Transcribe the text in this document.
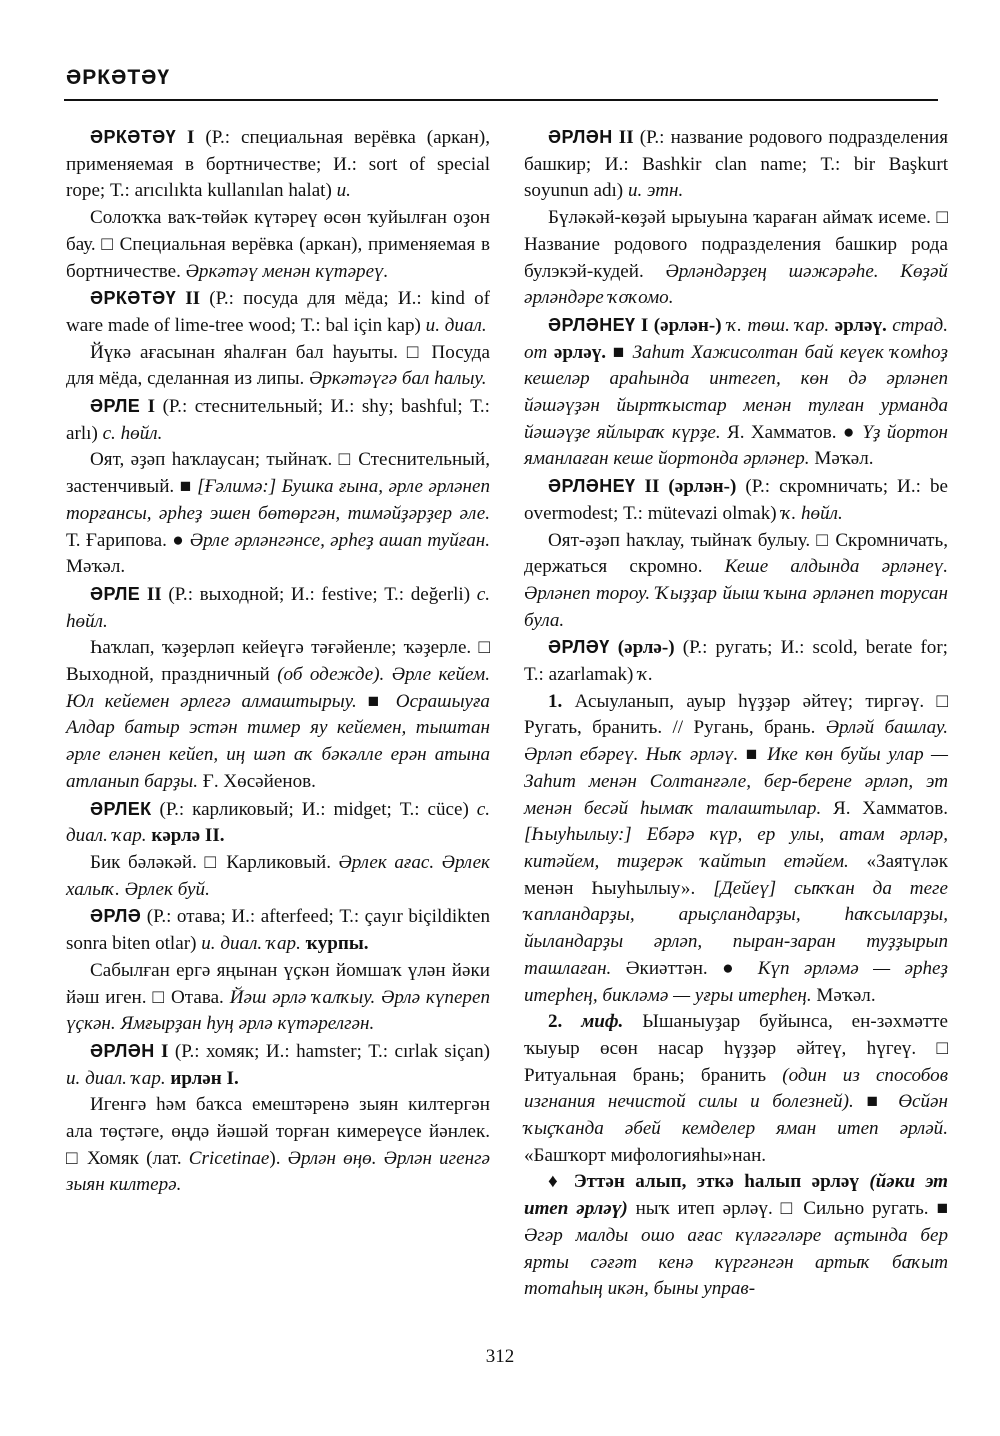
ƏРКƏТƏҮ

ƏРКƏТƏҮ I (Р.: специальная верёвка (аркан), применяемая в бортничестве; И.: sort of special rope; Т.: arıcılıkta kullanılan halat) u.

Солоҡҡа ваҡ-төйәк күтәреү өсөн ҡуйылған оҙон бау. □ Специальная верёвка (аркан), применяемая в бортничестве. Əркәтәү менән күтәреү.

ƏРКƏТƏҮ II (Р.: посуда для мёда; И.: kind of ware made of lime-tree wood; Т.: bal için kap) u. диал.

Йүкә ағасынан яһалған бал һауыты. □ Посуда для мёда, сделанная из липы. Əркәтәүгә бал һалыу.

ƏРЛЕ I (Р.: стеснительный; И.: shy; bashful; Т.: arlı) с. һөйл.

Оят, әҙәп һаҡлаусан; тыйнаҡ. □ Стеснительный, застенчивый. ■ [Ғәлимә:] Бушка ғына, әрле әрләнеп торғансы, әрһеҙ эшен бөтөргән, тимәйҙәрҙер әле. Т. Ғарипова. ● Əрле әрләнгәнсе, әрһеҙ ашап туйған. Мәҡәл.

ƏРЛЕ II (Р.: выходной; И.: festive; Т.: değerli) с. һөйл.

Һаҡлап, ҡәҙерләп кейеүгә тәғәйенле; ҡәҙерле. □ Выходной, праздничный (об одежде). Əрле кейем. Юл кейемен әрлегә алмаштырыу. ■ Осрашыуға Алдар батыр эстән тимер яу кейемен, тыштан әрле еләнен кейеп, иң шәп аҡ бәкәлле ерән атына атланып барҙы. Ғ. Хөсәйенов.

ƏРЛЕК (Р.: карликовый; И.: midget; Т.: cüce) с. диал. ҡар. кәрлә II.

Бик бәләкәй. □ Карликовый. Əрлек ағас. Əрлек халыҡ. Əрлек буй.

ƏРЛƏ (Р.: отава; И.: afterfeed; Т.: çayır biçildikten sonra biten otlar) u. диал. ҡар. ҡурпы.

Сабылған ергә яңынан үҫкән йомшаҡ үлән йәки йәш иген. □ Отава. Йәш әрлә ҡалҡыу. Əрлә күпереп үҫкән. Ямғырҙан һуң әрлә күтәрелгән.

ƏРЛƏН I (Р.: хомяк; И.: hamster; Т.: cırlak siçan) u. диал. ҡар. ирлән I.

Игенгә һәм баҡса емештәренә зыян килтергән ала төҫтәге, өңдә йәшәй торған кимереүсе йәнлек. □ Хомяк (лат. Cricetinae). Əрлән өңө. Əрлән игенгә зыян килтерә.

ƏРЛƏН II (Р.: название родового подразделения башкир; И.: Bashkir clan name; Т.: bir Başkurt soyunun adı) u. этн.

Бүләкәй-көҙәй ырыуына ҡараған аймаҡ исеме. □ Название родового подразделения башкир рода булэкэй-кудей. Əрләндәрҙең шәжәрәһе. Көҙәй әрләндәре ҡоҡомо.

ƏРЛƏНЕҮ I (әрлән-) ҡ. төш. ҡар. әрләү. страд. от әрләү. ■ Заһит Хажисолтан бай кеүек ҡомһоҙ кешеләр араһында интегеп, көн дә әрләнеп йәшәүҙән йыртҡыстар менән тулған урманда йәшәүҙе яйлыраҡ күрҙе. Я. Хамматов. ● Үҙ йортон яманлаған кеше йортонда әрләнер. Мәҡәл.

ƏРЛƏНЕҮ II (әрлән-) (Р.: скромничать; И.: be overmodest; Т.: mütevazi olmak) ҡ. һөйл.

Оят-әҙәп һаҡлау, тыйнаҡ булыу. □ Скромничать, держаться скромно. Кеше алдында әрләнеү. Əрләнеп тороу. Ҡыҙҙар йыш ҡына әрләнеп торусан була.

ƏРЛƏҮ (әрлә-) (Р.: ругать; И.: scold, berate for; Т.: azarlamak) ҡ.

1. Асыуланып, ауыр һүҙҙәр әйтеү; тиргәү. □ Ругать, бранить. // Ругань, брань. Əрләй башлау. Əрләп ебәреү. Ныҡ әрләү. ■ Ике көн буйы улар — Заһит менән Солтанғәле, бер-берене әрләп, эт менән бесәй һымаҡ талаштылар. Я. Хамматов. [Һыуһылыу:] Ебәрә күр, ер улы, атам әрләр, китәйем, тиҙерәк ҡайтып етәйем. «Заятүләк менән Һыуһылыу». [Дейеү] сыҡҡан да теге ҡапландарҙы, арыҫландарҙы, һаҡсыларҙы, йыландарҙы әрләп, пыран-заран туҙҙырып ташлаған. Əкиәттән. ● Күп әрләмә — әрһеҙ итерһең, бикләмә — уғры итерһең. Мәҡәл.

2. миф. Ышаныуҙар буйынса, ен-зәхмәтте ҡыуыр өсөн насар һүҙҙәр әйтеү, һүгеү. □ Ритуальная брань; бранить (один из способов изгнания нечистой силы и болезней). ■ Өсйән ҡыҫҡанда әбей кемделер яман итеп әрләй. «Башҡорт мифологияһы»нан.

♦ Эттән алып, эткә һалып әрләү (йәки эт итеп әрләү) ныҡ итеп әрләү. □ Сильно ругать. ■ Əгәр малды ошо ағас күләгәләре аҫтында бер ярты сәғәт кенә күргәнгән артыҡ баҡыт тотаһың икән, быны управ-

312
